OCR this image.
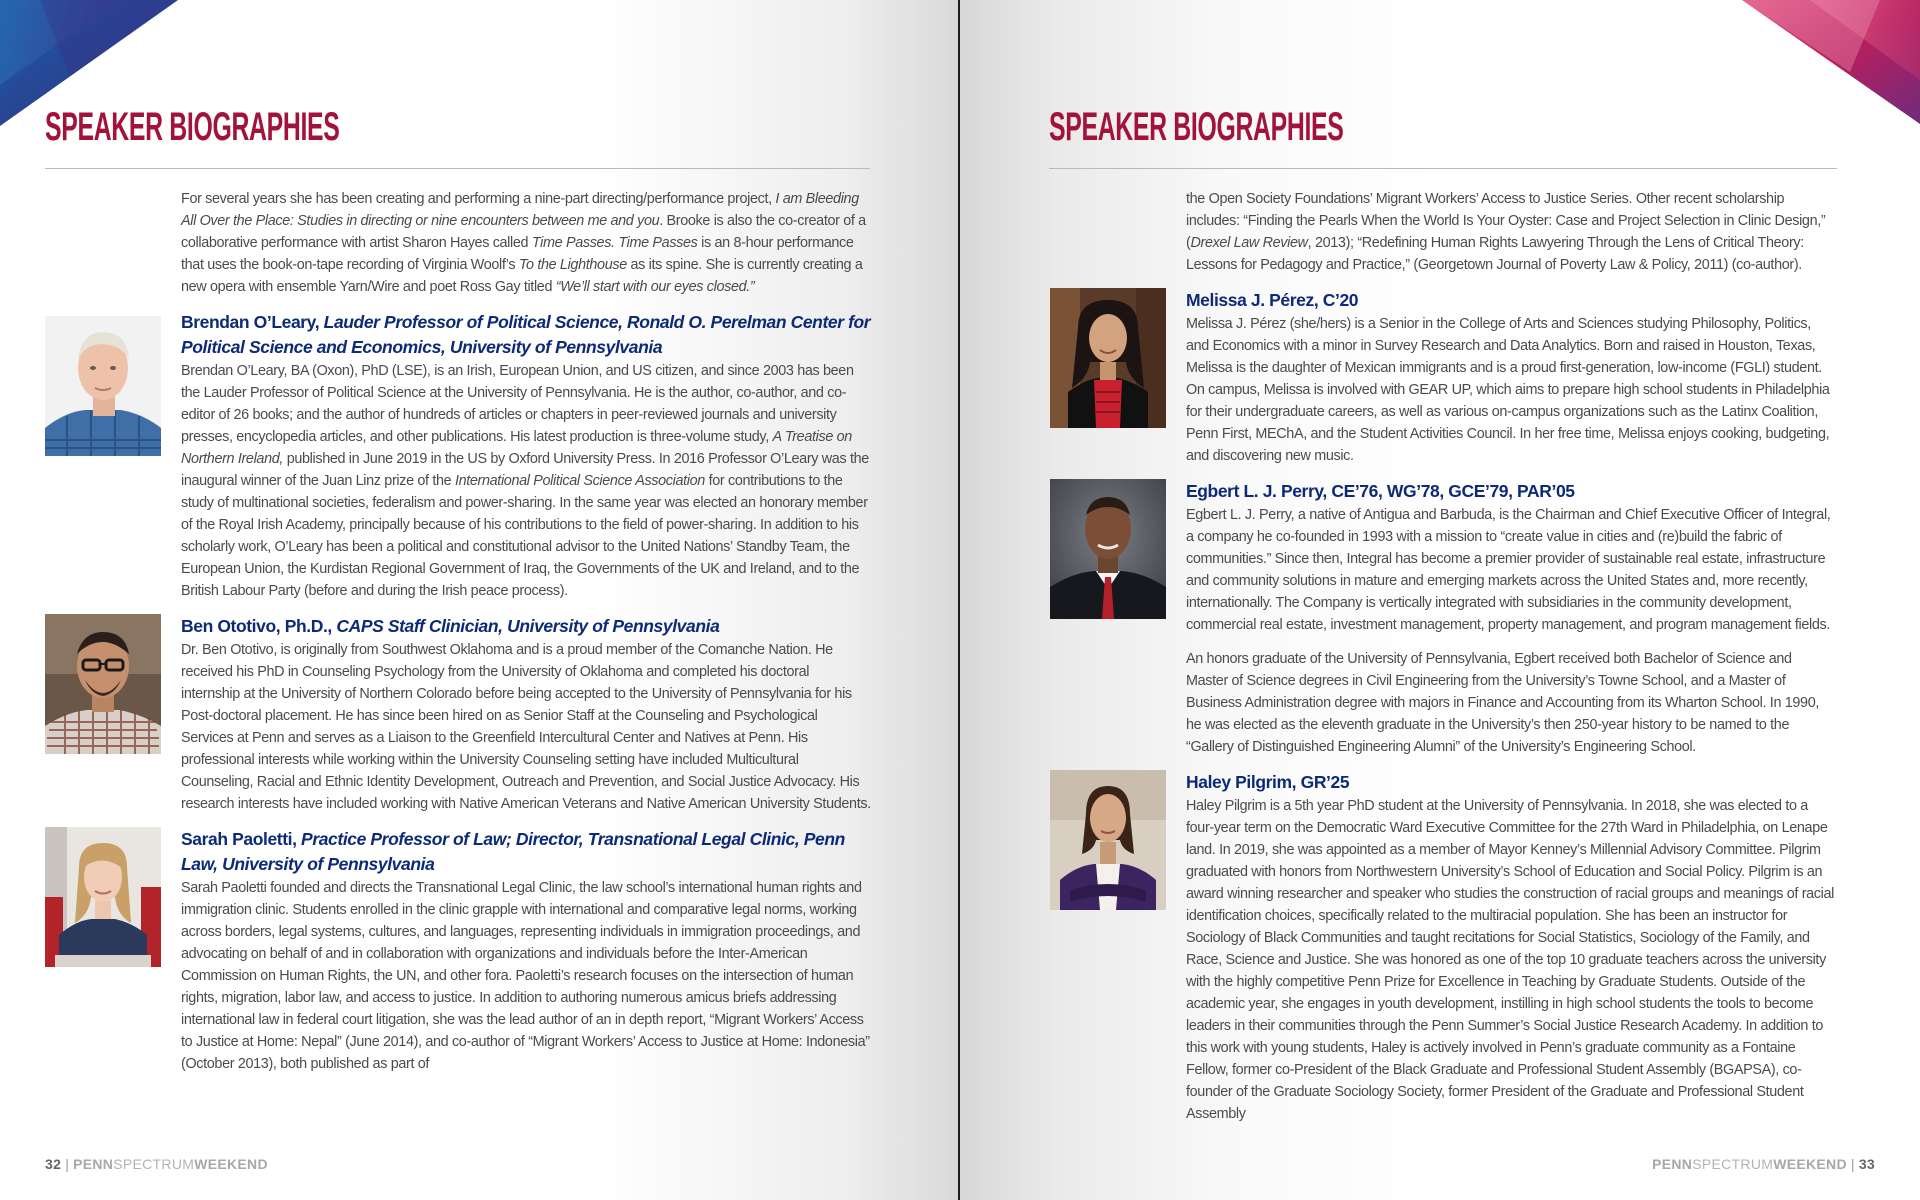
SPEAKER BIOGRAPHIES

For several years she has been creating and performing a nine-part directing/performance project, I am Bleeding All Over the Place: Studies in directing or nine encounters between me and you. Brooke is also the co-creator of a collaborative performance with artist Sharon Hayes called Time Passes. Time Passes is an 8-hour performance that uses the book-on-tape recording of Virginia Woolf’s To the Lighthouse as its spine. She is currently creating a new opera with ensemble Yarn/Wire and poet Ross Gay titled “We’ll start with our eyes closed.”

Brendan O’Leary, Lauder Professor of Political Science, Ronald O. Perelman Center for Political Science and Economics, University of Pennsylvania

Brendan O’Leary, BA (Oxon), PhD (LSE), is an Irish, European Union, and US citizen, and since 2003 has been the Lauder Professor of Political Science at the University of Pennsylvania. He is the author, co-author, and co-editor of 26 books; and the author of hundreds of articles or chapters in peer-reviewed journals and university presses, encyclopedia articles, and other publications. His latest production is three-volume study, A Treatise on Northern Ireland, published in June 2019 in the US by Oxford University Press. In 2016 Professor O’Leary was the inaugural winner of the Juan Linz prize of the International Political Science Association for contributions to the study of multinational societies, federalism and power-sharing. In the same year was elected an honorary member of the Royal Irish Academy, principally because of his contributions to the field of power-sharing. In addition to his scholarly work, O’Leary has been a political and constitutional advisor to the United Nations’ Standby Team, the European Union, the Kurdistan Regional Government of Iraq, the Governments of the UK and Ireland, and to the British Labour Party (before and during the Irish peace process).

Ben Ototivo, Ph.D., CAPS Staff Clinician, University of Pennsylvania

Dr. Ben Ototivo, is originally from Southwest Oklahoma and is a proud member of the Comanche Nation. He received his PhD in Counseling Psychology from the University of Oklahoma and completed his doctoral internship at the University of Northern Colorado before being accepted to the University of Pennsylvania for his Post-doctoral placement. He has since been hired on as Senior Staff at the Counseling and Psychological Services at Penn and serves as a Liaison to the Greenfield Intercultural Center and Natives at Penn. His professional interests while working within the University Counseling setting have included Multicultural Counseling, Racial and Ethnic Identity Development, Outreach and Prevention, and Social Justice Advocacy. His research interests have included working with Native American Veterans and Native American University Students.

Sarah Paoletti, Practice Professor of Law; Director, Transnational Legal Clinic, Penn Law, University of Pennsylvania

Sarah Paoletti founded and directs the Transnational Legal Clinic, the law school’s international human rights and immigration clinic. Students enrolled in the clinic grapple with international and comparative legal norms, working across borders, legal systems, cultures, and languages, representing individuals in immigration proceedings, and advocating on behalf of and in collaboration with organizations and individuals before the Inter-American Commission on Human Rights, the UN, and other fora. Paoletti’s research focuses on the intersection of human rights, migration, labor law, and access to justice. In addition to authoring numerous amicus briefs addressing international law in federal court litigation, she was the lead author of an in depth report, “Migrant Workers’ Access to Justice at Home: Nepal” (June 2014), and co-author of “Migrant Workers’ Access to Justice at Home: Indonesia” (October 2013), both published as part of

32 | PENNSPECTRUMWEEKEND
SPEAKER BIOGRAPHIES

the Open Society Foundations’ Migrant Workers’ Access to Justice Series. Other recent scholarship includes: “Finding the Pearls When the World Is Your Oyster: Case and Project Selection in Clinic Design,” (Drexel Law Review, 2013); “Redefining Human Rights Lawyering Through the Lens of Critical Theory: Lessons for Pedagogy and Practice,” (Georgetown Journal of Poverty Law & Policy, 2011) (co-author).

Melissa J. Pérez, C’20

Melissa J. Pérez (she/hers) is a Senior in the College of Arts and Sciences studying Philosophy, Politics, and Economics with a minor in Survey Research and Data Analytics. Born and raised in Houston, Texas, Melissa is the daughter of Mexican immigrants and is a proud first-generation, low-income (FGLI) student. On campus, Melissa is involved with GEAR UP, which aims to prepare high school students in Philadelphia for their undergraduate careers, as well as various on-campus organizations such as the Latinx Coalition, Penn First, MEChA, and the Student Activities Council. In her free time, Melissa enjoys cooking, budgeting, and discovering new music.

Egbert L. J. Perry, CE’76, WG’78, GCE’79, PAR’05

Egbert L. J. Perry, a native of Antigua and Barbuda, is the Chairman and Chief Executive Officer of Integral, a company he co-founded in 1993 with a mission to “create value in cities and (re)build the fabric of communities.” Since then, Integral has become a premier provider of sustainable real estate, infrastructure and community solutions in mature and emerging markets across the United States and, more recently, internationally. The Company is vertically integrated with subsidiaries in the community development, commercial real estate, investment management, property management, and program management fields.

An honors graduate of the University of Pennsylvania, Egbert received both Bachelor of Science and Master of Science degrees in Civil Engineering from the University’s Towne School, and a Master of Business Administration degree with majors in Finance and Accounting from its Wharton School. In 1990, he was elected as the eleventh graduate in the University’s then 250-year history to be named to the “Gallery of Distinguished Engineering Alumni” of the University’s Engineering School.

Haley Pilgrim, GR’25

Haley Pilgrim is a 5th year PhD student at the University of Pennsylvania. In 2018, she was elected to a four-year term on the Democratic Ward Executive Committee for the 27th Ward in Philadelphia, on Lenape land. In 2019, she was appointed as a member of Mayor Kenney’s Millennial Advisory Committee. Pilgrim graduated with honors from Northwestern University’s School of Education and Social Policy. Pilgrim is an award winning researcher and speaker who studies the construction of racial groups and meanings of racial identification choices, specifically related to the multiracial population. She has been an instructor for Sociology of Black Communities and taught recitations for Social Statistics, Sociology of the Family, and Race, Science and Justice. She was honored as one of the top 10 graduate teachers across the university with the highly competitive Penn Prize for Excellence in Teaching by Graduate Students. Outside of the academic year, she engages in youth development, instilling in high school students the tools to become leaders in their communities through the Penn Summer’s Social Justice Research Academy. In addition to this work with young students, Haley is actively involved in Penn’s graduate community as a Fontaine Fellow, former co-President of the Black Graduate and Professional Student Assembly (BGAPSA), co-founder of the Graduate Sociology Society, former President of the Graduate and Professional Student Assembly

PENNSPECTRUMWEEKEND | 33
